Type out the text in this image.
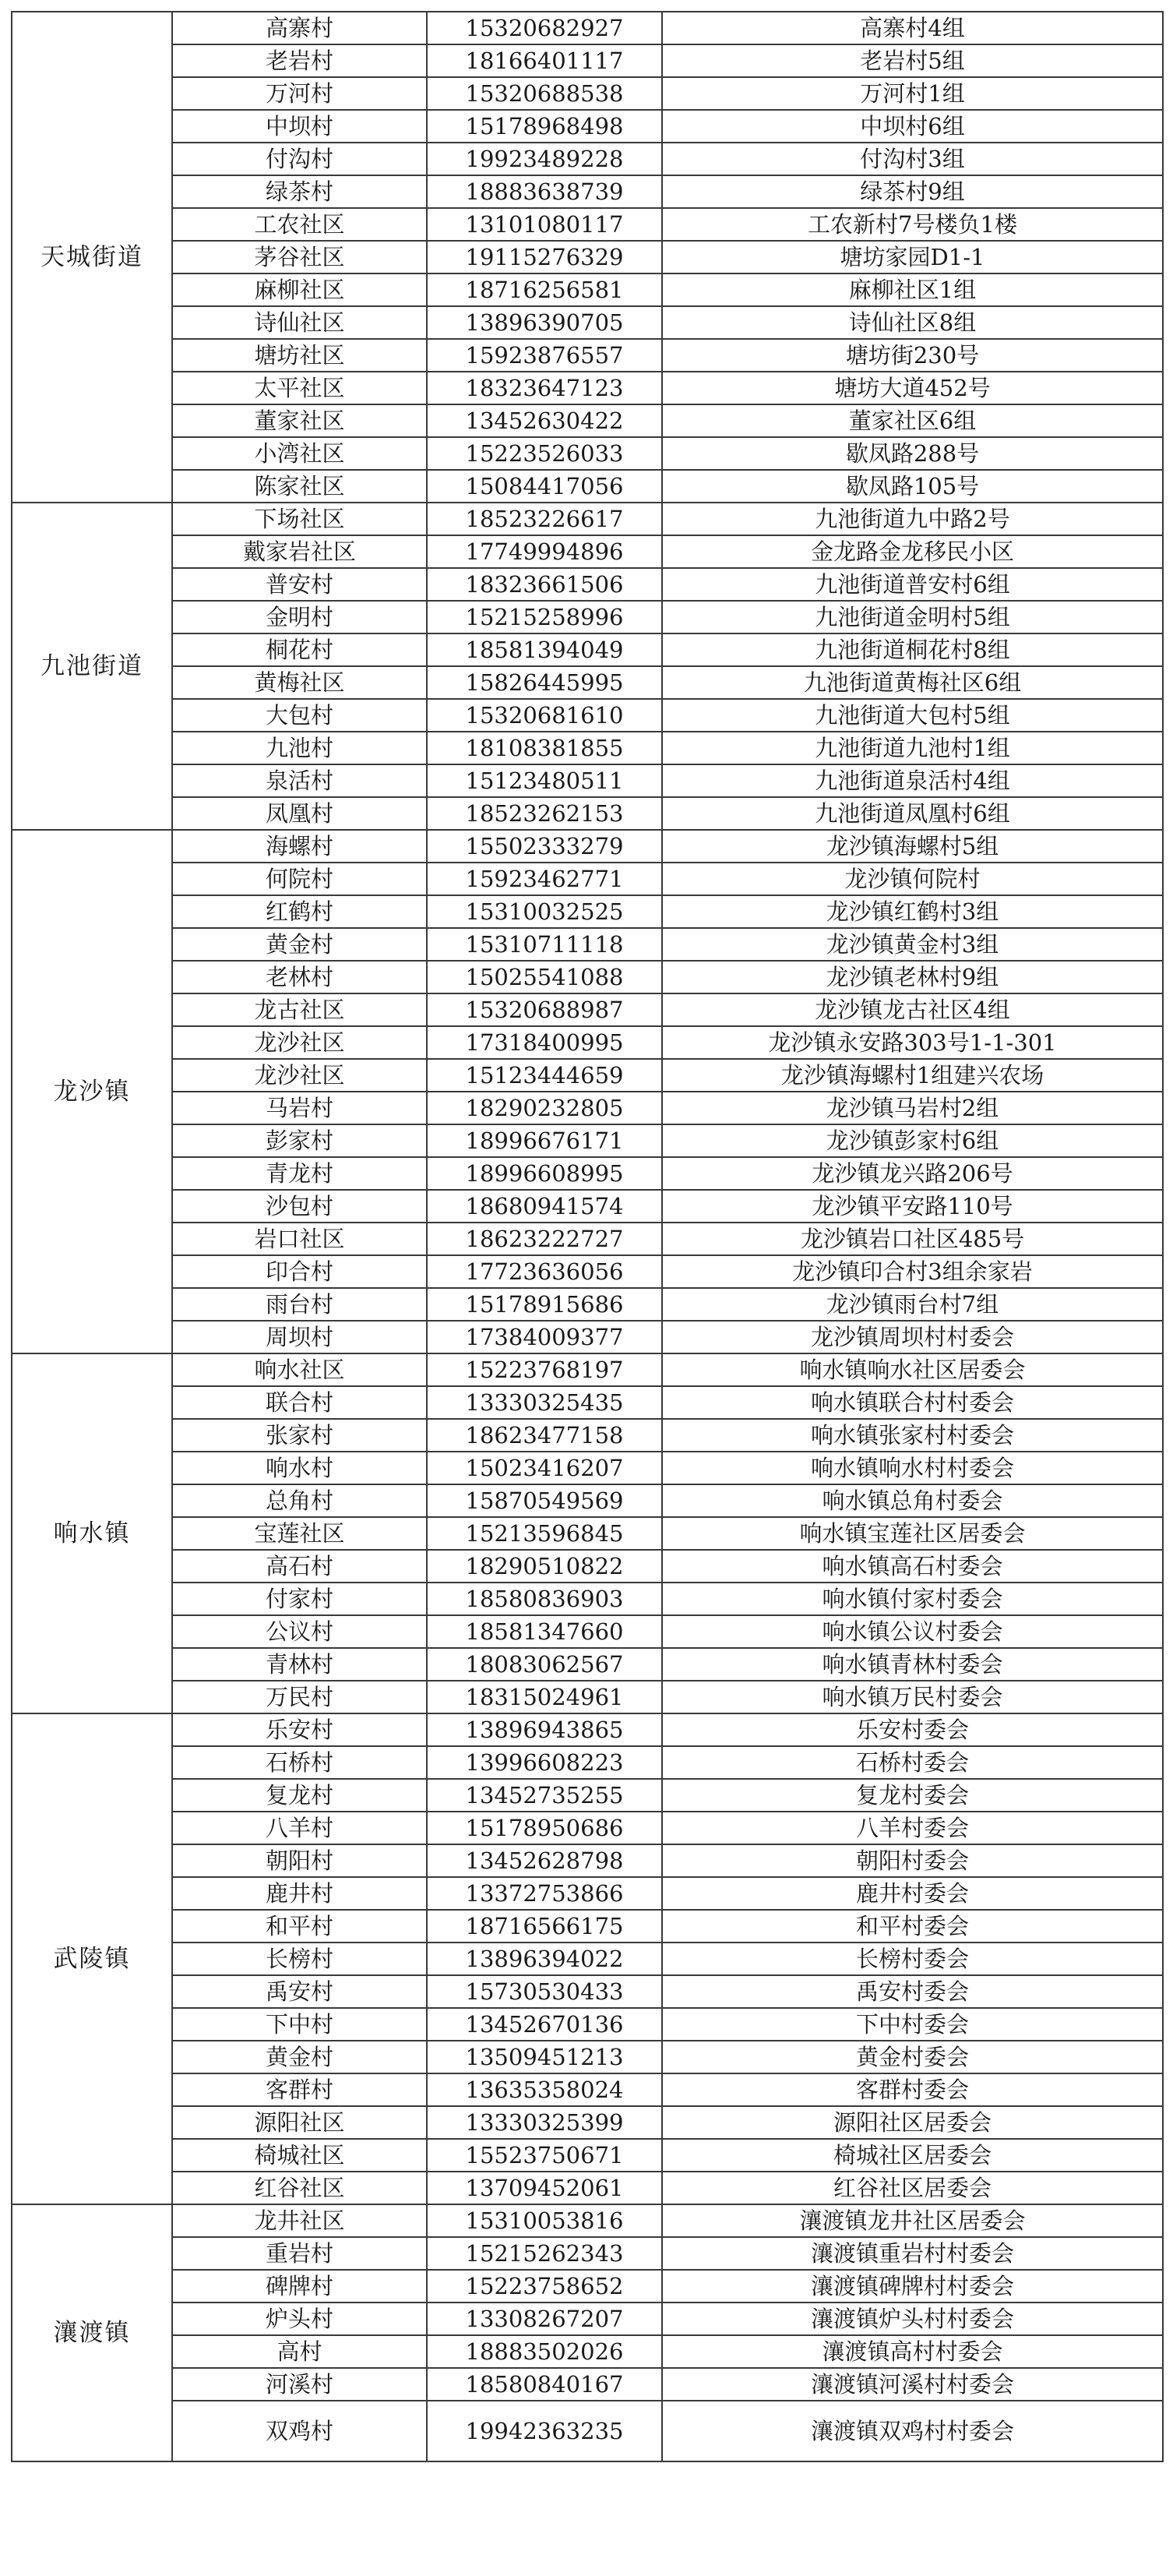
天城街道	高寨村	15320682927	高寨村4组
	老岩村	18166401117	老岩村5组
	万河村	15320688538	万河村1组
	中坝村	15178968498	中坝村6组
	付沟村	19923489228	付沟村3组
	绿茶村	18883638739	绿茶村9组
	工农社区	13101080117	工农新村7号楼负1楼
	茅谷社区	19115276329	塘坊家园D1-1
	麻柳社区	18716256581	麻柳社区1组
	诗仙社区	13896390705	诗仙社区8组
	塘坊社区	15923876557	塘坊街230号
	太平社区	18323647123	塘坊大道452号
	董家社区	13452630422	董家社区6组
	小湾社区	15223526033	歇凤路288号
	陈家社区	15084417056	歇凤路105号
九池街道	下场社区	18523226617	九池街道九中路2号
	戴家岩社区	17749994896	金龙路金龙移民小区
	普安村	18323661506	九池街道普安村6组
	金明村	15215258996	九池街道金明村5组
	桐花村	18581394049	九池街道桐花村8组
	黄梅社区	15826445995	九池街道黄梅社区6组
	大包村	15320681610	九池街道大包村5组
	九池村	18108381855	九池街道九池村1组
	泉活村	15123480511	九池街道泉活村4组
	凤凰村	18523262153	九池街道凤凰村6组
龙沙镇	海螺村	15502333279	龙沙镇海螺村5组
	何院村	15923462771	龙沙镇何院村
	红鹤村	15310032525	龙沙镇红鹤村3组
	黄金村	15310711118	龙沙镇黄金村3组
	老林村	15025541088	龙沙镇老林村9组
	龙古社区	15320688987	龙沙镇龙古社区4组
	龙沙社区	17318400995	龙沙镇永安路303号1-1-301
	龙沙社区	15123444659	龙沙镇海螺村1组建兴农场
	马岩村	18290232805	龙沙镇马岩村2组
	彭家村	18996676171	龙沙镇彭家村6组
	青龙村	18996608995	龙沙镇龙兴路206号
	沙包村	18680941574	龙沙镇平安路110号
	岩口社区	18623222727	龙沙镇岩口社区485号
	印合村	17723636056	龙沙镇印合村3组余家岩
	雨台村	15178915686	龙沙镇雨台村7组
	周坝村	17384009377	龙沙镇周坝村村委会
响水镇	响水社区	15223768197	响水镇响水社区居委会
	联合村	13330325435	响水镇联合村村委会
	张家村	18623477158	响水镇张家村村委会
	响水村	15023416207	响水镇响水村村委会
	总角村	15870549569	响水镇总角村委会
	宝莲社区	15213596845	响水镇宝莲社区居委会
	高石村	18290510822	响水镇高石村委会
	付家村	18580836903	响水镇付家村委会
	公议村	18581347660	响水镇公议村委会
	青林村	18083062567	响水镇青林村委会
	万民村	18315024961	响水镇万民村委会
武陵镇	乐安村	13896943865	乐安村委会
	石桥村	13996608223	石桥村委会
	复龙村	13452735255	复龙村委会
	八羊村	15178950686	八羊村委会
	朝阳村	13452628798	朝阳村委会
	鹿井村	13372753866	鹿井村委会
	和平村	18716566175	和平村委会
	长榜村	13896394022	长榜村委会
	禹安村	15730530433	禹安村委会
	下中村	13452670136	下中村委会
	黄金村	13509451213	黄金村委会
	客群村	13635358024	客群村委会
	源阳社区	13330325399	源阳社区居委会
	椅城社区	15523750671	椅城社区居委会
	红谷社区	13709452061	红谷社区居委会
瀼渡镇	龙井社区	15310053816	瀼渡镇龙井社区居委会
	重岩村	15215262343	瀼渡镇重岩村村委会
	碑牌村	15223758652	瀼渡镇碑牌村村委会
	炉头村	13308267207	瀼渡镇炉头村村委会
	高村	18883502026	瀼渡镇高村村委会
	河溪村	18580840167	瀼渡镇河溪村村委会
	双鸡村	19942363235	瀼渡镇双鸡村村委会
